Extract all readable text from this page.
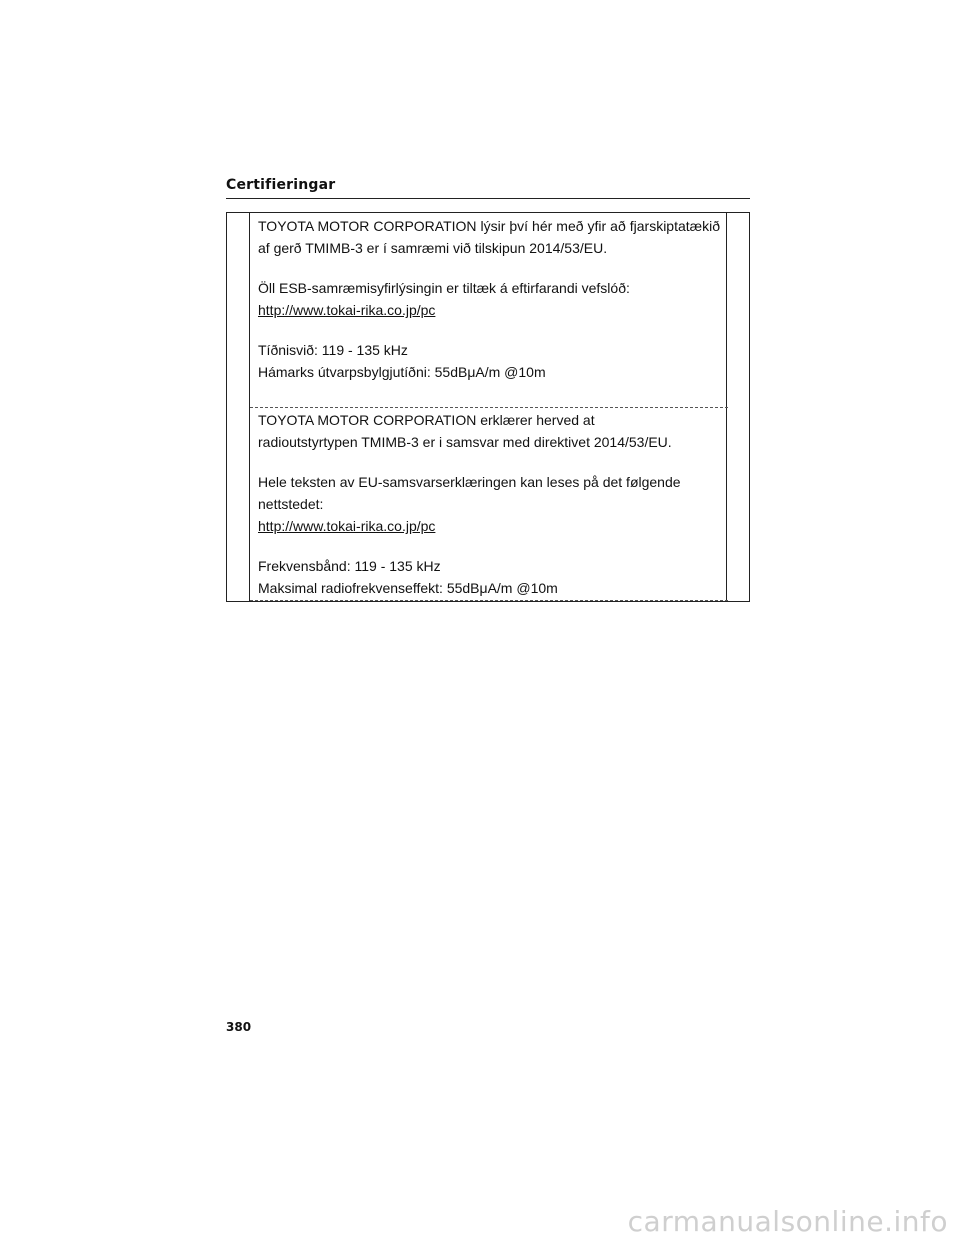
Certifieringar

TOYOTA MOTOR CORPORATION lýsir því hér með yfir að fjarskiptatækið af gerð TMIMB-3 er í samræmi við tilskipun 2014/53/EU.

Öll ESB-samræmisyfirlýsingin er tiltæk á eftirfarandi vefslóð:

http://www.tokai-rika.co.jp/pc

Tíðnisvið: 119 - 135 kHz

Hámarks útvarpsbylgjutíðni: 55dBμA/m @10m

TOYOTA MOTOR CORPORATION erklærer herved at

radioutstyrtypen TMIMB-3 er i samsvar med direktivet 2014/53/EU.

Hele teksten av EU-samsvarserklæringen kan leses på det følgende nettstedet:

http://www.tokai-rika.co.jp/pc

Frekvensbånd: 119 - 135 kHz

Maksimal radiofrekvenseffekt: 55dBμA/m @10m

380
carmanualsonline.info
